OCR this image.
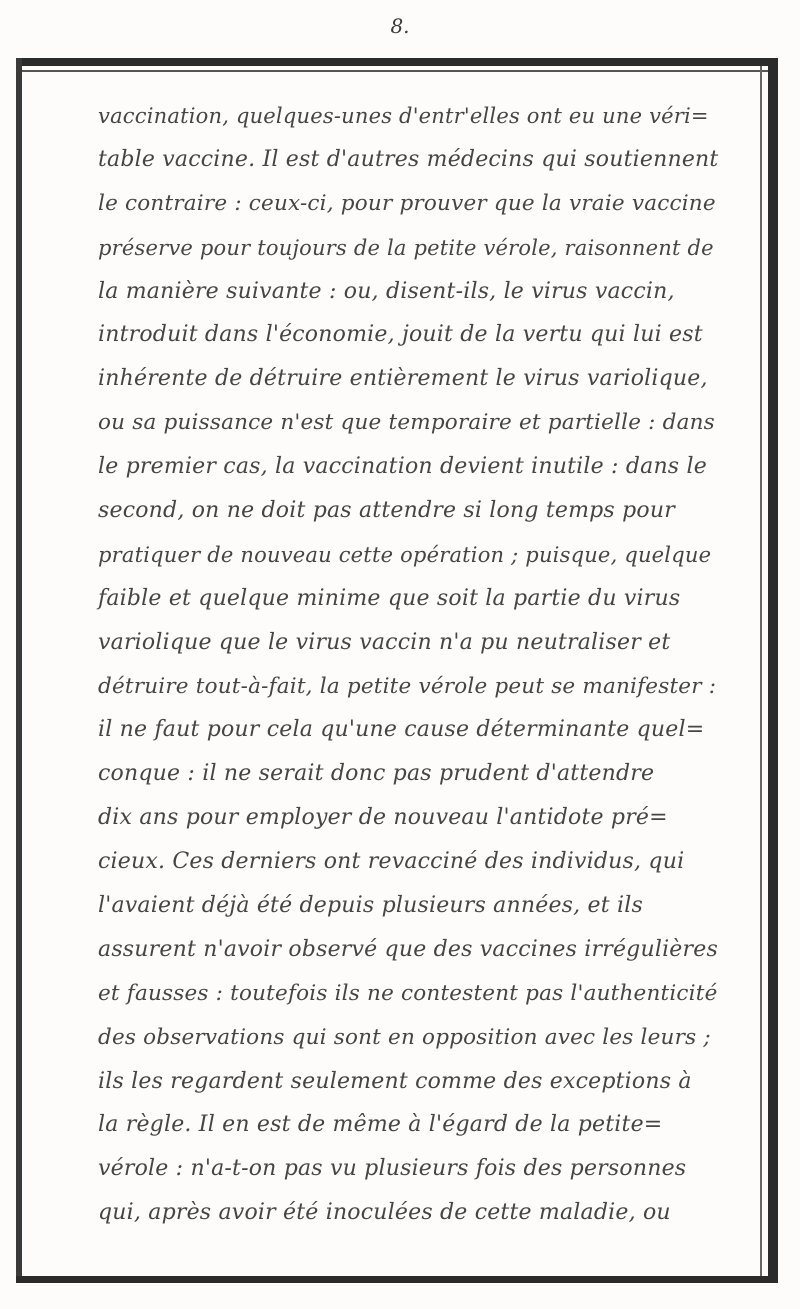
8.
vaccination, quelques-unes d'entr'elles ont eu une véri=
table vaccine. Il est d'autres médecins qui soutiennent
le contraire : ceux-ci, pour prouver que la vraie vaccine
préserve pour toujours de la petite vérole, raisonnent de
la manière suivante : ou, disent-ils, le virus vaccin,
introduit dans l'économie, jouit de la vertu qui lui est
inhérente de détruire entièrement le virus variolique,
ou sa puissance n'est que temporaire et partielle : dans
le premier cas, la vaccination devient inutile : dans le
second, on ne doit pas attendre si long temps pour
pratiquer de nouveau cette opération ; puisque, quelque
faible et quelque minime que soit la partie du virus
variolique que le virus vaccin n'a pu neutraliser et
détruire tout-à-fait, la petite vérole peut se manifester :
il ne faut pour cela qu'une cause déterminante quel=
conque : il ne serait donc pas prudent d'attendre
dix ans pour employer de nouveau l'antidote pré=
cieux. Ces derniers ont revacciné des individus, qui
l'avaient déjà été depuis plusieurs années, et ils
assurent n'avoir observé que des vaccines irrégulières
et fausses : toutefois ils ne contestent pas l'authenticité
des observations qui sont en opposition avec les leurs ;
ils les regardent seulement comme des exceptions à
la règle. Il en est de même à l'égard de la petite=
vérole : n'a-t-on pas vu plusieurs fois des personnes
qui, après avoir été inoculées de cette maladie, ou
